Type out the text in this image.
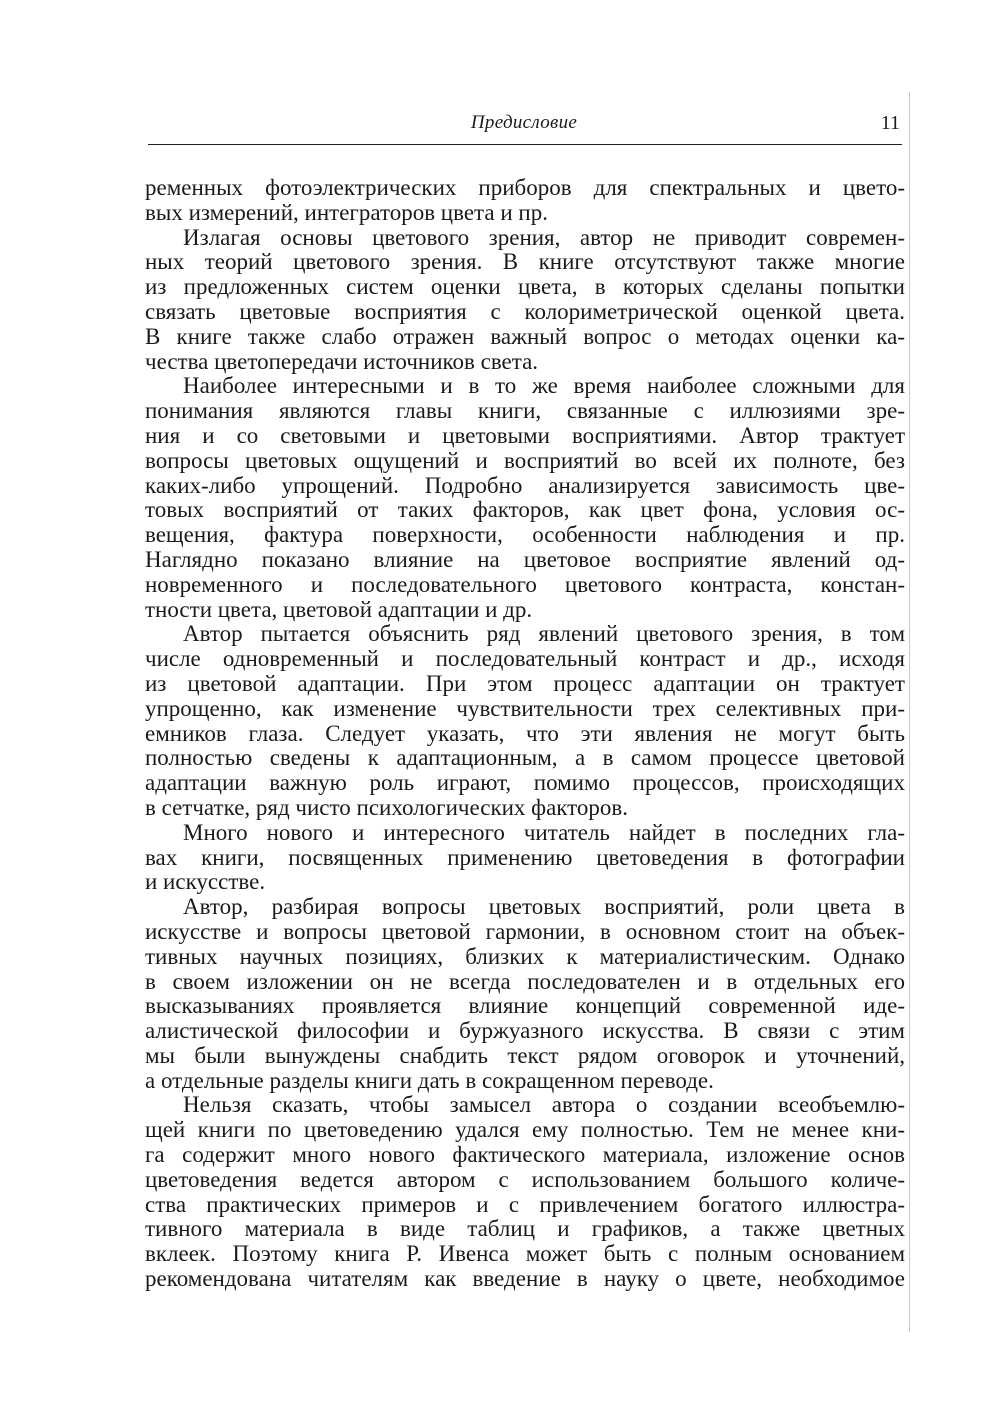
Предисловие	11
ременных фотоэлектрических приборов для спектральных и цвето-
вых измерений, интеграторов цвета и пр.
Излагая основы цветового зрения, автор не приводит современ-
ных теорий цветового зрения. В книге отсутствуют также многие
из предложенных систем оценки цвета, в которых сделаны попытки
связать цветовые восприятия с колориметрической оценкой цвета.
В книге также слабо отражен важный вопрос о методах оценки ка-
чества цветопередачи источников света.
Наиболее интересными и в то же время наиболее сложными для
понимания являются главы книги, связанные с иллюзиями зре-
ния и со световыми и цветовыми восприятиями. Автор трактует
вопросы цветовых ощущений и восприятий во всей их полноте, без
каких-либо упрощений. Подробно анализируется зависимость цве-
товых восприятий от таких факторов, как цвет фона, условия ос-
вещения, фактура поверхности, особенности наблюдения и пр.
Наглядно показано влияние на цветовое восприятие явлений од-
новременного и последовательного цветового контраста, констан-
тности цвета, цветовой адаптации и др.
Автор пытается объяснить ряд явлений цветового зрения, в том
числе одновременный и последовательный контраст и др., исходя
из цветовой адаптации. При этом процесс адаптации он трактует
упрощенно, как изменение чувствительности трех селективных при-
емников глаза. Следует указать, что эти явления не могут быть
полностью сведены к адаптационным, а в самом процессе цветовой
адаптации важную роль играют, помимо процессов, происходящих
в сетчатке, ряд чисто психологических факторов.
Много нового и интересного читатель найдет в последних гла-
вах книги, посвященных применению цветоведения в фотографии
и искусстве.
Автор, разбирая вопросы цветовых восприятий, роли цвета в
искусстве и вопросы цветовой гармонии, в основном стоит на объек-
тивных научных позициях, близких к материалистическим. Однако
в своем изложении он не всегда последователен и в отдельных его
высказываниях проявляется влияние концепций современной иде-
алистической философии и буржуазного искусства. В связи с этим
мы были вынуждены снабдить текст рядом оговорок и уточнений,
а отдельные разделы книги дать в сокращенном переводе.
Нельзя сказать, чтобы замысел автора о создании всеобъемлю-
щей книги по цветоведению удался ему полностью. Тем не менее кни-
га содержит много нового фактического материала, изложение основ
цветоведения ведется автором с использованием большого количе-
ства практических примеров и с привлечением богатого иллюстра-
тивного материала в виде таблиц и графиков, а также цветных
вклеек. Поэтому книга Р. Ивенса может быть с полным основанием
рекомендована читателям как введение в науку о цвете, необходимое
